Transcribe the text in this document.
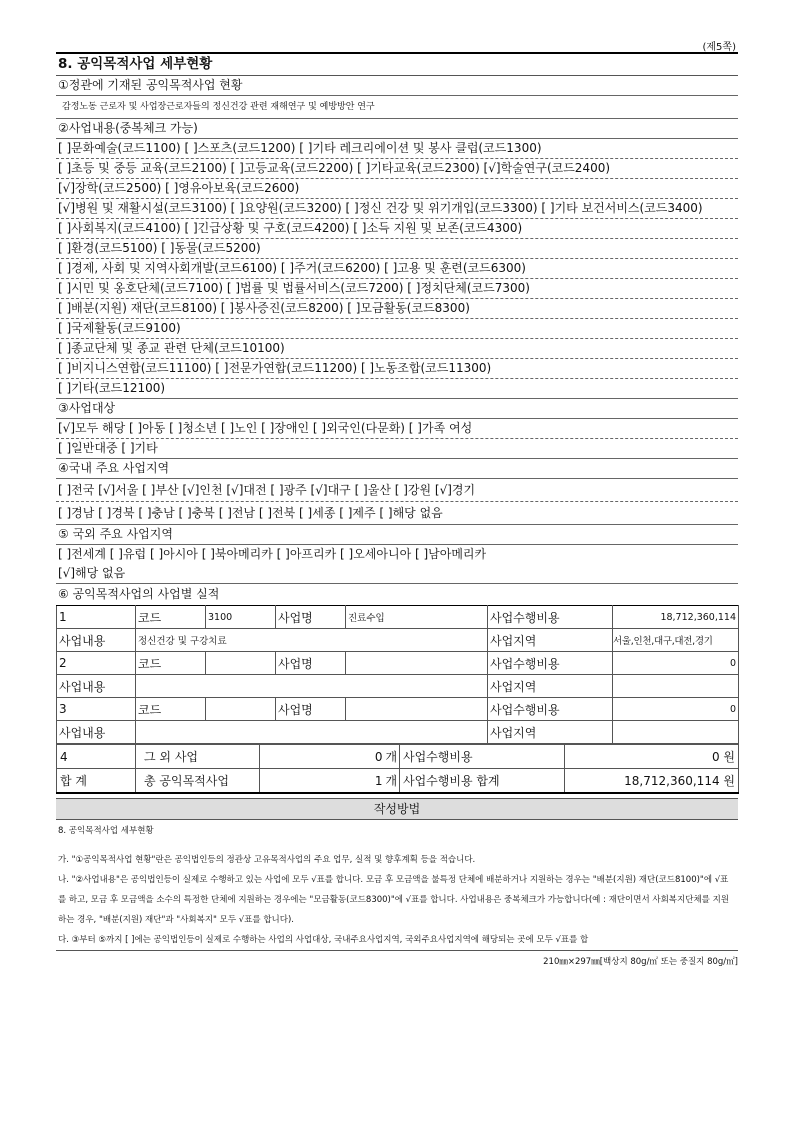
(제5쪽)
8. 공익목적사업 세부현황
①정관에 기재된 공익목적사업 현황
감정노동 근로자 및 사업장근로자들의 정신건강 관련 재해연구 및 예방방안 연구
②사업내용(중복체크 가능)
[ ]문화예술(코드1100) [ ]스포츠(코드1200) [ ]기타 레크리에이션 및 봉사 클럽(코드1300)
[ ]초등 및 중등 교육(코드2100) [ ]고등교육(코드2200) [ ]기타교육(코드2300) [√]학술연구(코드2400)
[√]장학(코드2500) [ ]영유아보육(코드2600)
[√]병원 및 재활시설(코드3100) [ ]요양원(코드3200) [ ]정신 건강 및 위기개입(코드3300) [ ]기타 보건서비스(코드3400)
[ ]사회복지(코드4100) [ ]긴급상황 및 구호(코드4200) [ ]소득 지원 및 보존(코드4300)
[ ]환경(코드5100) [ ]동물(코드5200)
[ ]경제, 사회 및 지역사회개발(코드6100) [ ]주거(코드6200) [ ]고용 및 훈련(코드6300)
[ ]시민 및 옹호단체(코드7100) [ ]법률 및 법률서비스(코드7200) [ ]정치단체(코드7300)
[ ]배분(지원) 재단(코드8100) [ ]봉사증진(코드8200) [ ]모금활동(코드8300)
[ ]국제활동(코드9100)
[ ]종교단체 및 종교 관련 단체(코드10100)
[ ]비지니스연합(코드11100) [ ]전문가연합(코드11200) [ ]노동조합(코드11300)
[ ]기타(코드12100)
③사업대상
[√]모두 해당 [ ]아동 [ ]청소년 [ ]노인 [ ]장애인 [ ]외국인(다문화) [ ]가족 여성
[ ]일반대중 [ ]기타
④국내 주요 사업지역
[ ]전국 [√]서울 [ ]부산 [√]인천 [√]대전 [ ]광주 [√]대구 [ ]울산 [ ]강원 [√]경기
[ ]경남 [ ]경북 [ ]충남 [ ]충북 [ ]전남 [ ]전북 [ ]세종 [ ]제주 [ ]해당 없음
⑤ 국외 주요 사업지역
[ ]전세계 [ ]유럽 [ ]아시아 [ ]북아메리카 [ ]아프리카 [ ]오세아니아 [ ]남아메리카
[√]해당 없음
⑥ 공익목적사업의 사업별 실적
1	코드	3100	사업명	진료수입	사업수행비용	18,712,360,114
사업내용	정신건강 및 구강치료				사업지역	서울,인천,대구,대전,경기
2	코드		사업명		사업수행비용	0
사업내용					사업지역	
3	코드		사업명		사업수행비용	0
사업내용					사업지역	
4	그 외 사업	0	개	사업수행비용	0 원
합 계	총 공익목적사업	1	개	사업수행비용 합계	18,712,360,114 원
작성방법
8. 공익목적사업 세부현황

가. "①공익목적사업 현황"란은 공익법인등의 정관상 고유목적사업의 주요 업무, 실적 및 향후계획 등을 적습니다.

나. "②사업내용"은 공익법인등이 실제로 수행하고 있는 사업에 모두 √표를 합니다. 모금 후 모금액을 불특정 단체에 배분하거나 지원하는 경우는 "배분(지원) 재단(코드8100)"에 √표를 하고, 모금 후 모금액을 소수의 특정한 단체에 지원하는 경우에는 "모금활동(코드8300)"에 √표를 합니다. 사업내용은 중복체크가 가능합니다(예 : 재단이면서 사회복지단체를 지원하는 경우, "배분(지원) 재단"과 "사회복지" 모두 √표를 합니다).

다. ③부터 ⑤까지 [ ]에는 공익법인등이 실제로 수행하는 사업의 사업대상, 국내주요사업지역, 국외주요사업지역에 해당되는 곳에 모두 √표를 합

210㎜×297㎜[백상지 80g/㎡ 또는 중질지 80g/㎡]
